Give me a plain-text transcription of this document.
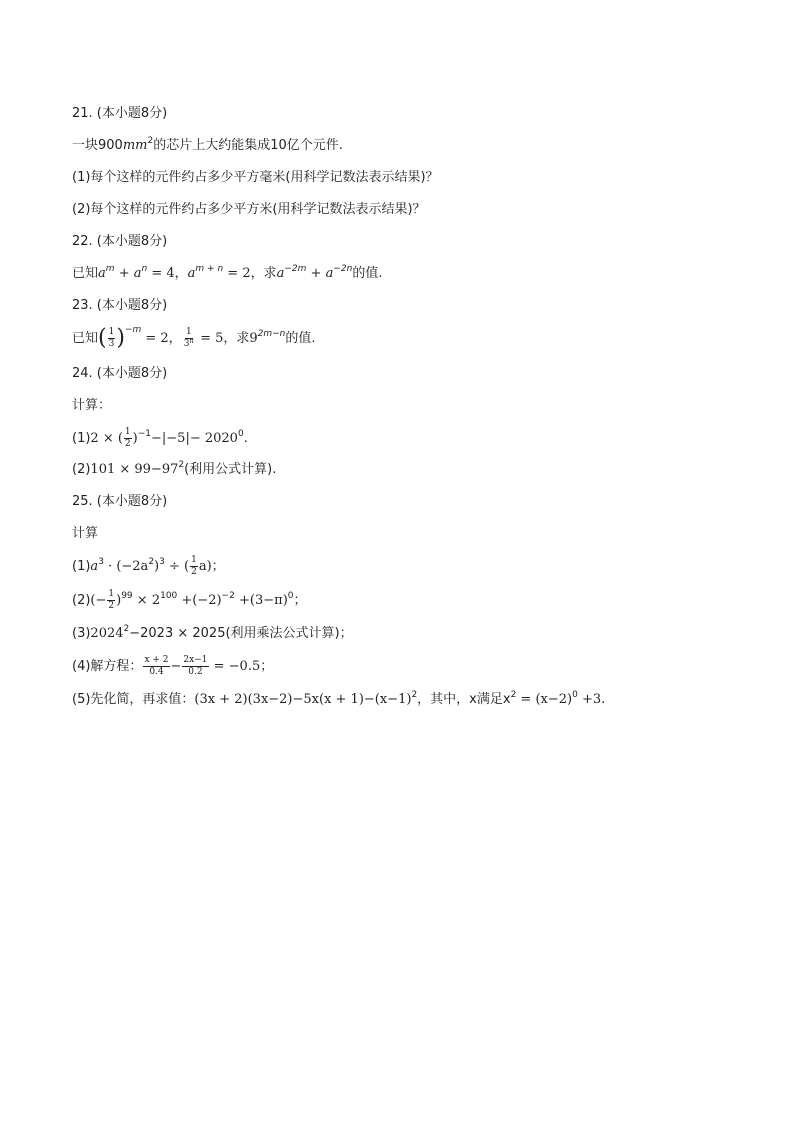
21. (本小题8分)
一块$900mm^2$的芯片上大约能集成10亿个元件.
(1)每个这样的元件约占多少平方毫米(用科学记数法表示结果)？
(2)每个这样的元件约占多少平方米(用科学记数法表示结果)？
22. (本小题8分)
已知$a^m + a^n = 4$，$a^{m + n} = 2$，求$a^{-2m} + a^{-2n}$的值.
23. (本小题8分)
已知( $\frac{1}{3} )^{-m} = 2$， $\frac{1}{3^n} = 5$，求$9^{2m-n}$的值.
24. (本小题8分)
计算：
(1)2 × ( $\frac{1}{2} )^{-1}-|-5|- 2020^0$.
$(2)101 \times 99-97^2$(利用公式计算).
25. (本小题8分)
计算
$(1)a^3 \cdot (-2a^2)^3$ ÷ ( $\frac{1}{2} a$)；
$(2)(- \frac{1}{2} )^{99} \times 2^{100} +(-2)^{-2} +(3-\pi)^0$；
$(3)2024^2-2023 \times 2025$(利用乘法公式计算)；
(4)解方程： $\frac{x + 2}{0.4} - \frac{2x-1}{0.2} = -0.5$；
(5)先化简，再求值：$(3x + 2)(3x-2)-5x(x + 1)-(x-1)^2$，其中，x满足$x^2 = (x-2)^0 +3$.
